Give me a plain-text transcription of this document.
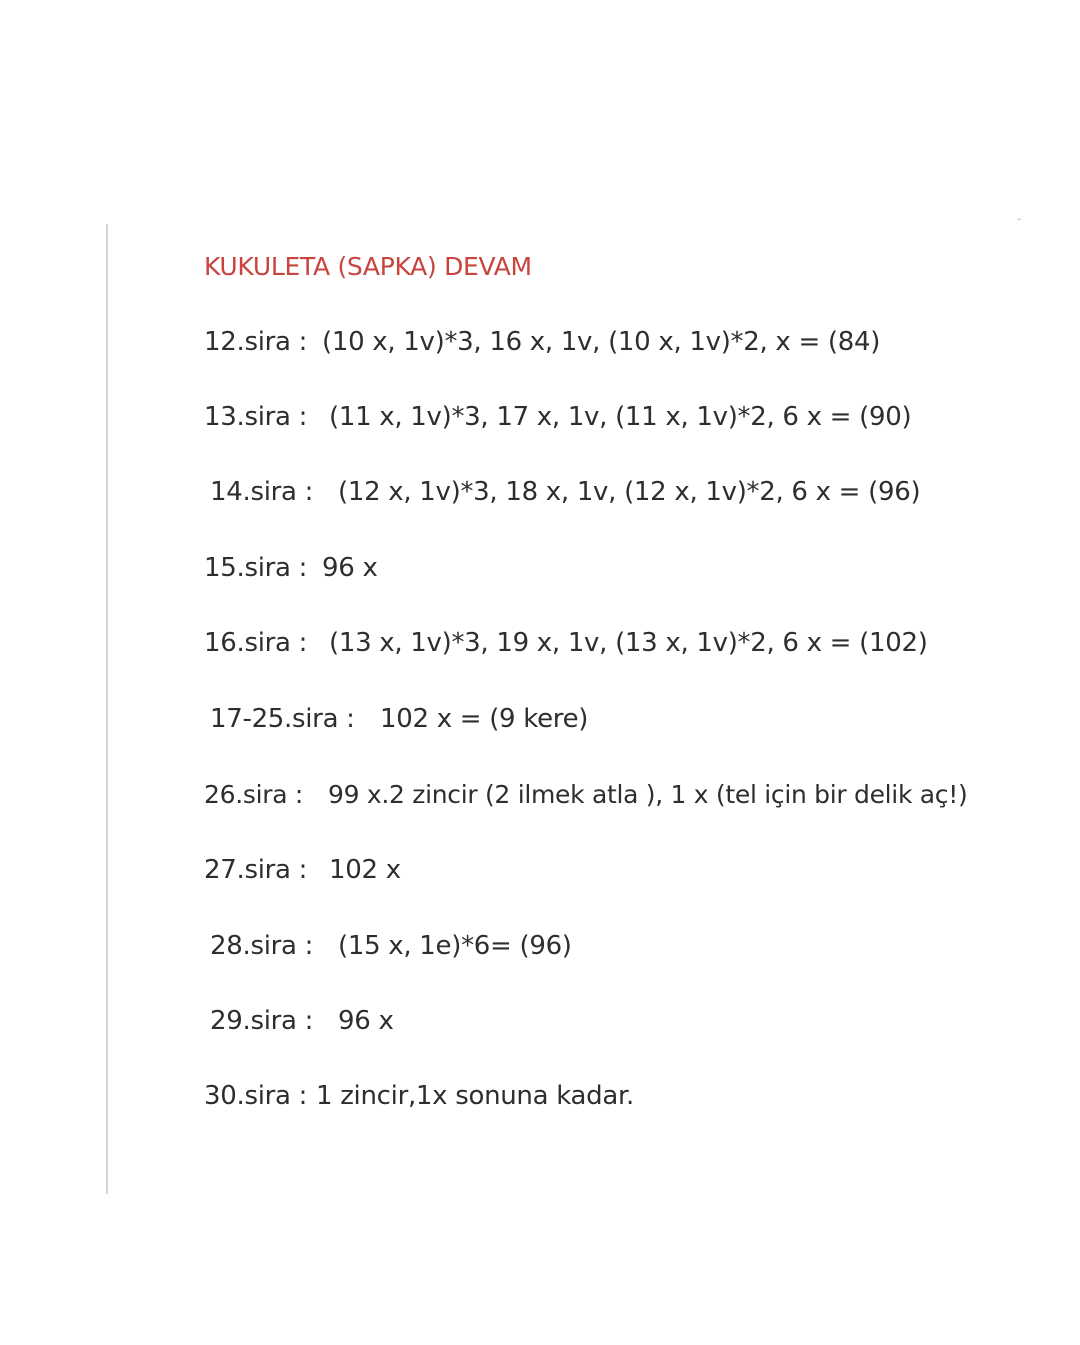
ˇ
KUKULETA (SAPKA) DEVAM
12.sira : (10 x, 1v)*3, 16 x, 1v, (10 x, 1v)*2, x = (84)
13.sira : (11 x, 1v)*3, 17 x, 1v, (11 x, 1v)*2, 6 x = (90)
14.sira : (12 x, 1v)*3, 18 x, 1v, (12 x, 1v)*2, 6 x = (96)
15.sira : 96 x
16.sira : (13 x, 1v)*3, 19 x, 1v, (13 x, 1v)*2, 6 x = (102)
17-25.sira : 102 x = (9 kere)
26.sira : 99 x.2 zincir (2 ilmek atla ), 1 x (tel için bir delik aç!)
27.sira : 102 x
28.sira : (15 x, 1e)*6= (96)
29.sira : 96 x
30.sira : 1 zincir,1x sonuna kadar.
